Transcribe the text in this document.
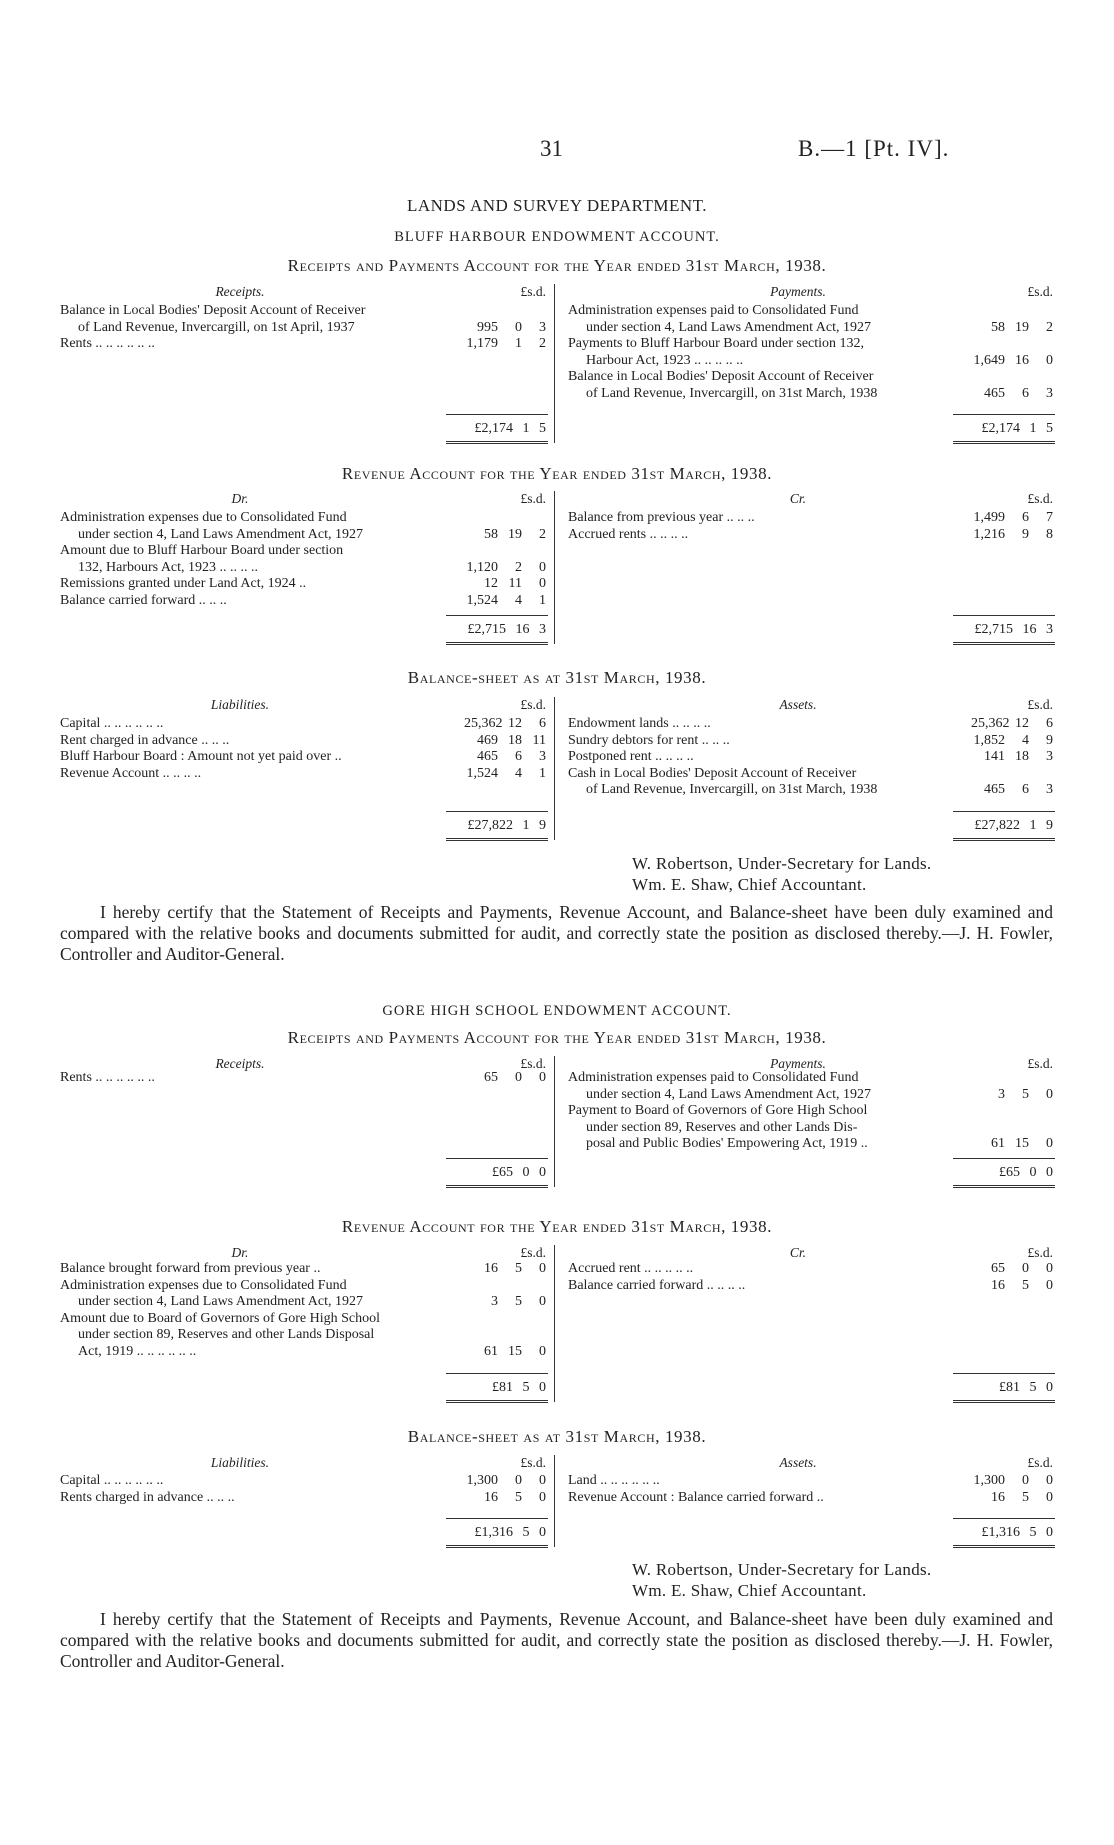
31	B.—1 [Pt. IV].
LANDS AND SURVEY DEPARTMENT.
BLUFF HARBOUR ENDOWMENT ACCOUNT.
Receipts and Payments Account for the Year ended 31st March, 1938.
Receipts.	£s.d.
Balance in Local Bodies' Deposit Account of Receiver
of Land Revenue, Invercargill, on 1st April, 1937	995 0 3
Rents .. .. .. .. .. ..	1,179 1 2
£2,174 1 5
Payments.	£s.d.
Administration expenses paid to Consolidated Fund
under section 4, Land Laws Amendment Act, 1927	58 19 2
Payments to Bluff Harbour Board under section 132,
Harbour Act, 1923 .. .. .. .. ..	1,649 16 0
Balance in Local Bodies' Deposit Account of Receiver
of Land Revenue, Invercargill, on 31st March, 1938	465 6 3
£2,174 1 5
Revenue Account for the Year ended 31st March, 1938.
Dr.	£s.d.
Administration expenses due to Consolidated Fund
under section 4, Land Laws Amendment Act, 1927	58 19 2
Amount due to Bluff Harbour Board under section
132, Harbours Act, 1923 .. .. .. ..	1,120 2 0
Remissions granted under Land Act, 1924 ..	12 11 0
Balance carried forward .. .. ..	1,524 4 1
£2,715 16 3
Cr.	£s.d.
Balance from previous year .. .. ..	1,499 6 7
Accrued rents .. .. .. ..	1,216 9 8
£2,715 16 3
Balance-sheet as at 31st March, 1938.
Liabilities.	£s.d.
Capital .. .. .. .. .. ..	25,362 12 6
Rent charged in advance .. .. ..	469 18 11
Bluff Harbour Board : Amount not yet paid over ..	465 6 3
Revenue Account .. .. .. ..	1,524 4 1
£27,822 1 9
Assets.	£s.d.
Endowment lands .. .. .. ..	25,362 12 6
Sundry debtors for rent .. .. ..	1,852 4 9
Postponed rent .. .. .. ..	141 18 3
Cash in Local Bodies' Deposit Account of Receiver
of Land Revenue, Invercargill, on 31st March, 1938	465 6 3
£27,822 1 9
W. Robertson, Under-Secretary for Lands.
Wm. E. Shaw, Chief Accountant.
I hereby certify that the Statement of Receipts and Payments, Revenue Account, and Balance-sheet have been duly examined and compared with the relative books and documents submitted for audit, and correctly state the position as disclosed thereby.—J. H. Fowler, Controller and Auditor-General.
GORE HIGH SCHOOL ENDOWMENT ACCOUNT.
Receipts and Payments Account for the Year ended 31st March, 1938.
Receipts.	£s.d.
Rents .. .. .. .. .. ..	65 0 0
£65 0 0
Payments.	£s.d.
Administration expenses paid to Consolidated Fund
under section 4, Land Laws Amendment Act, 1927	3 5 0
Payment to Board of Governors of Gore High School
under section 89, Reserves and other Lands Dis-
posal and Public Bodies' Empowering Act, 1919 ..	61 15 0
£65 0 0
Revenue Account for the Year ended 31st March, 1938.
Dr.	£s.d.
Balance brought forward from previous year ..	16 5 0
Administration expenses due to Consolidated Fund
under section 4, Land Laws Amendment Act, 1927	3 5 0
Amount due to Board of Governors of Gore High School
under section 89, Reserves and other Lands Disposal
Act, 1919 .. .. .. .. .. ..	61 15 0
£81 5 0
Cr.	£s.d.
Accrued rent .. .. .. .. ..	65 0 0
Balance carried forward .. .. .. ..	16 5 0
£81 5 0
Balance-sheet as at 31st March, 1938.
Liabilities.	£s.d.
Capital .. .. .. .. .. ..	1,300 0 0
Rents charged in advance .. .. ..	16 5 0
£1,316 5 0
Assets.	£s.d.
Land .. .. .. .. .. ..	1,300 0 0
Revenue Account : Balance carried forward ..	16 5 0
£1,316 5 0
W. Robertson, Under-Secretary for Lands.
Wm. E. Shaw, Chief Accountant.
I hereby certify that the Statement of Receipts and Payments, Revenue Account, and Balance-sheet have been duly examined and compared with the relative books and documents submitted for audit, and correctly state the position as disclosed thereby.—J. H. Fowler, Controller and Auditor-General.
